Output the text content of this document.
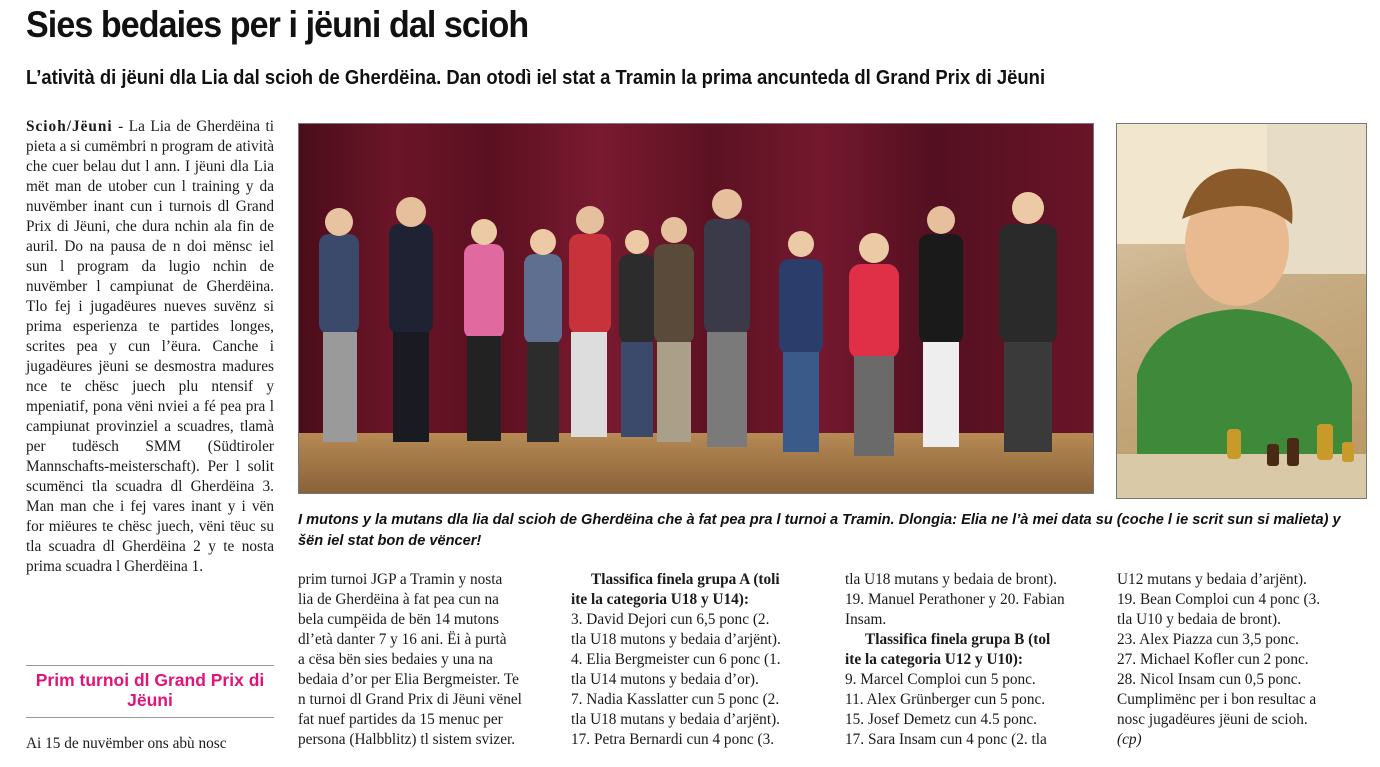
Sies bedaies per i jëuni dal scioh
L’atività di jëuni dla Lia dal scioh de Gherdëina. Dan otodì iel stat a Tramin la prima ancunteda dl Grand Prix di Jëuni

Scioh/Jëuni - La Lia de Gherdëina ti pieta a si cumëmbri n program de atività che cuer belau dut l ann. I jëuni dla Lia mët man de utober cun l training y da nuvëmber inant cun i turnois dl Grand Prix di Jëuni, che dura nchin ala fin de auril. Do na pausa de n doi mënsc iel sun l program da lugio nchin de nuvëmber l campiunat de Gherdëina. Tlo fej i jugadëures nueves suvënz si prima esperienza te partides longes, scrites pea y cun l’ëura. Canche i jugadëures jëuni se desmostra madures nce te chësc juech plu ntensif y mpeniatif, pona vëni nviei a fé pea pra l campiunat provinziel a scuadres, tlamà per tudësch SMM (Südtiroler Mannschafts-meisterschaft). Per l solit scumënci tla scuadra dl Gherdëina 3. Man man che i fej vares inant y i vën for miëures te chësc juech, vëni tëuc su tla scuadra dl Gherdëina 2 y te nosta prima scuadra l Gherdëina 1.

Prim turnoi dl Grand Prix di Jëuni
Ai 15 de nuvëmber ons abù nosc
I mutons y la mutans dla lia dal scioh de Gherdëina che à fat pea pra l turnoi a Tramin. Dlongia: Elia ne l’à mei data su (coche l ie scrit sun si malieta) y šën iel stat bon de vëncer!

prim turnoi JGP a Tramin y nosta

lia de Gherdëina à fat pea cun na

bela cumpëida de bën 14 mutons

dl’età danter 7 y 16 ani. Ëi à purtà

a cësa bën sies bedaies y una na

bedaia d’or per Elia Bergmeister. Te

n turnoi dl Grand Prix di Jëuni vënel

fat nuef partides da 15 menuc per

persona (Halbblitz) tl sistem svizer.

Tlassifica finela grupa A (toli

ite la categoria U18 y U14):

3. David Dejori cun 6,5 ponc (2.

tla U18 mutons y bedaia d’arjënt).

4. Elia Bergmeister cun 6 ponc (1.

tla U14 mutons y bedaia d’or).

7. Nadia Kasslatter cun 5 ponc (2.

tla U18 mutans y bedaia d’arjënt).

17. Petra Bernardi cun 4 ponc (3.

tla U18 mutans y bedaia de bront).

19. Manuel Perathoner y 20. Fabian

Insam.

Tlassifica finela grupa B (tol

ite la categoria U12 y U10):

9. Marcel Comploi cun 5 ponc.

11. Alex Grünberger cun 5 ponc.

15. Josef Demetz cun 4.5 ponc.

17. Sara Insam cun 4 ponc (2. tla

U12 mutans y bedaia d’arjënt).

19. Bean Comploi cun 4 ponc (3.

tla U10 y bedaia de bront).

23. Alex Piazza cun 3,5 ponc.

27. Michael Kofler cun 2 ponc.

28. Nicol Insam cun 0,5 ponc.

Cumplimënc per i bon resultac a

nosc jugadëures jëuni de scioh.

(cp)
